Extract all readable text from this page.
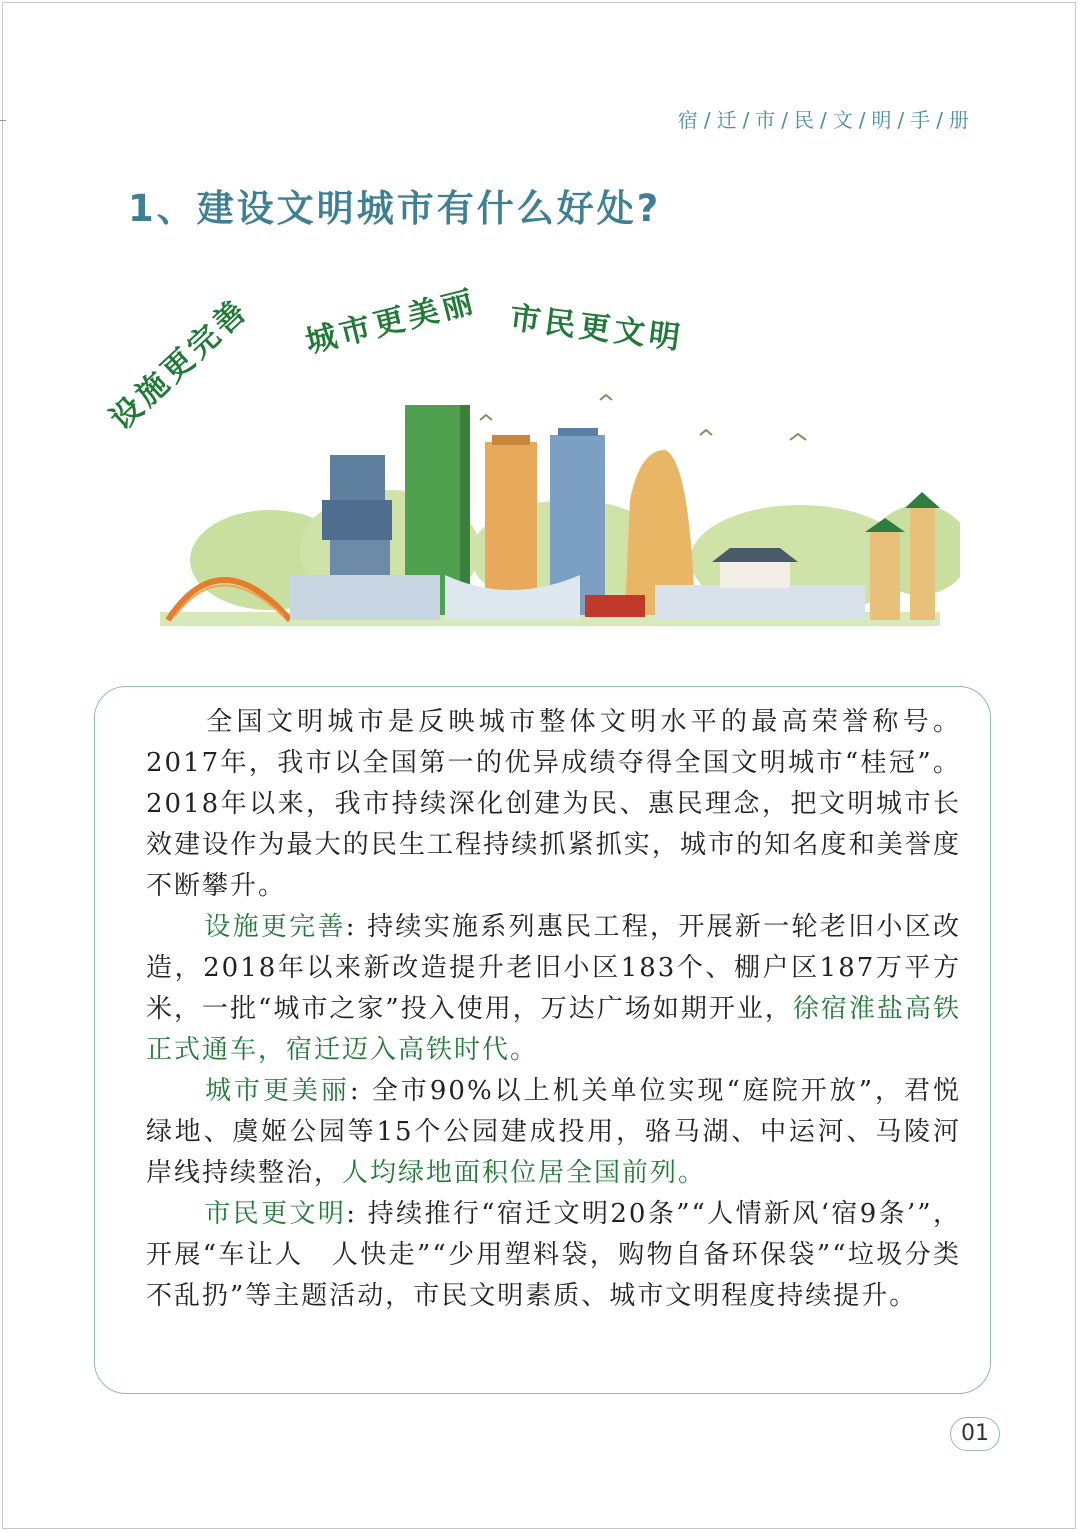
宿/迁/市/民/文/明/手/册
1、建设文明城市有什么好处?
设施更完善 城市更美丽 市民更文明
全国文明城市是反映城市整体文明水平的最高荣誉称号。2017年，我市以全国第一的优异成绩夺得全国文明城市“桂冠”。2018年以来，我市持续深化创建为民、惠民理念，把文明城市长效建设作为最大的民生工程持续抓紧抓实，城市的知名度和美誉度不断攀升。
设施更完善: 持续实施系列惠民工程，开展新一轮老旧小区改造，2018年以来新改造提升老旧小区183个、棚户区187万平方米，一批“城市之家”投入使用，万达广场如期开业，徐宿淮盐高铁正式通车，宿迁迈入高铁时代。
城市更美丽: 全市90%以上机关单位实现“庭院开放”，君悦绿地、虞姬公园等15个公园建成投用，骆马湖、中运河、马陵河岸线持续整治，人均绿地面积位居全国前列。
市民更文明: 持续推行“宿迁文明20条”“人情新风‘宿9条’”，开展“车让人　人快走”“少用塑料袋，购物自备环保袋”“垃圾分类不乱扔”等主题活动，市民文明素质、城市文明程度持续提升。
01
